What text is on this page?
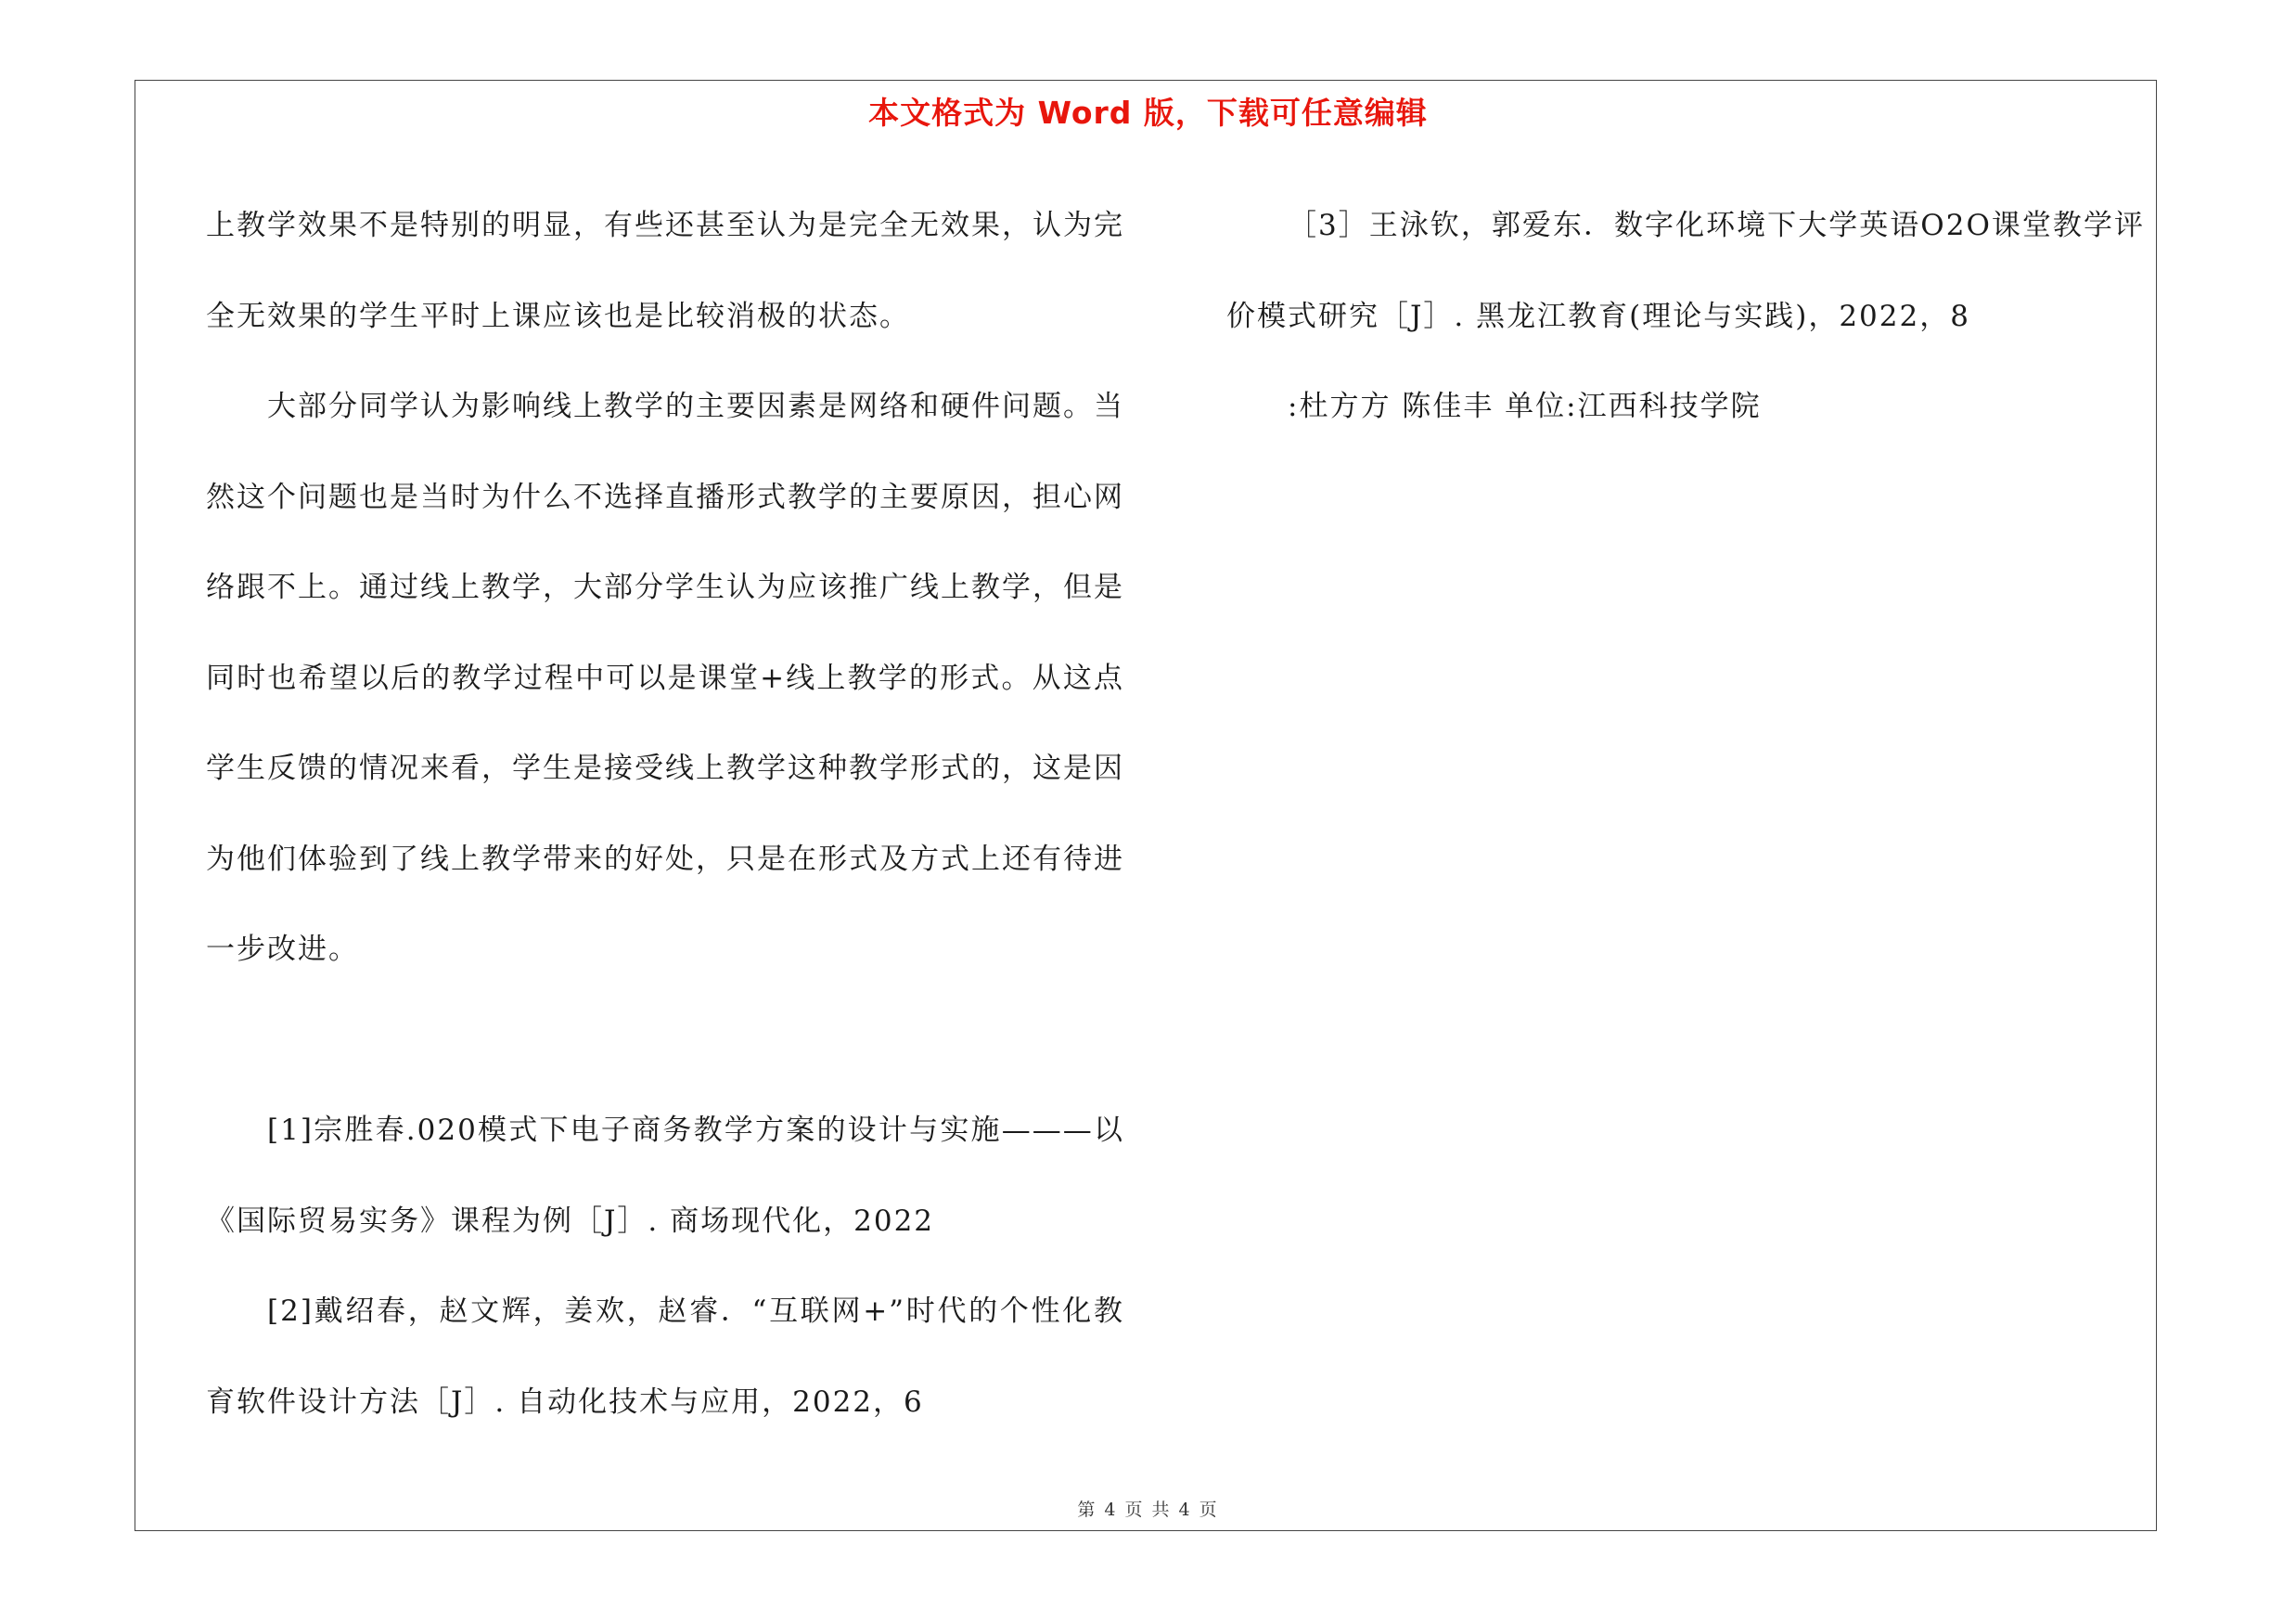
本文格式为 Word 版，下载可任意编辑

上教学效果不是特别的明显，有些还甚至认为是完全无效果，认为完全无效果的学生平时上课应该也是比较消极的状态。

大部分同学认为影响线上教学的主要因素是网络和硬件问题。当然这个问题也是当时为什么不选择直播形式教学的主要原因，担心网络跟不上。通过线上教学，大部分学生认为应该推广线上教学，但是同时也希望以后的教学过程中可以是课堂+线上教学的形式。从这点学生反馈的情况来看，学生是接受线上教学这种教学形式的，这是因为他们体验到了线上教学带来的好处，只是在形式及方式上还有待进一步改进。

[1]宗胜春.020模式下电子商务教学方案的设计与实施———以《国际贸易实务》课程为例［J］. 商场现代化，2022

[2]戴绍春，赵文辉，姜欢，赵睿．“互联网+”时代的个性化教育软件设计方法［J］. 自动化技术与应用，2022，6

［3］王泳钦，郭爱东．数字化环境下大学英语O2O课堂教学评价模式研究［J］. 黑龙江教育(理论与实践)，2022，8

:杜方方 陈佳丰 单位:江西科技学院

第 4 页 共 4 页
